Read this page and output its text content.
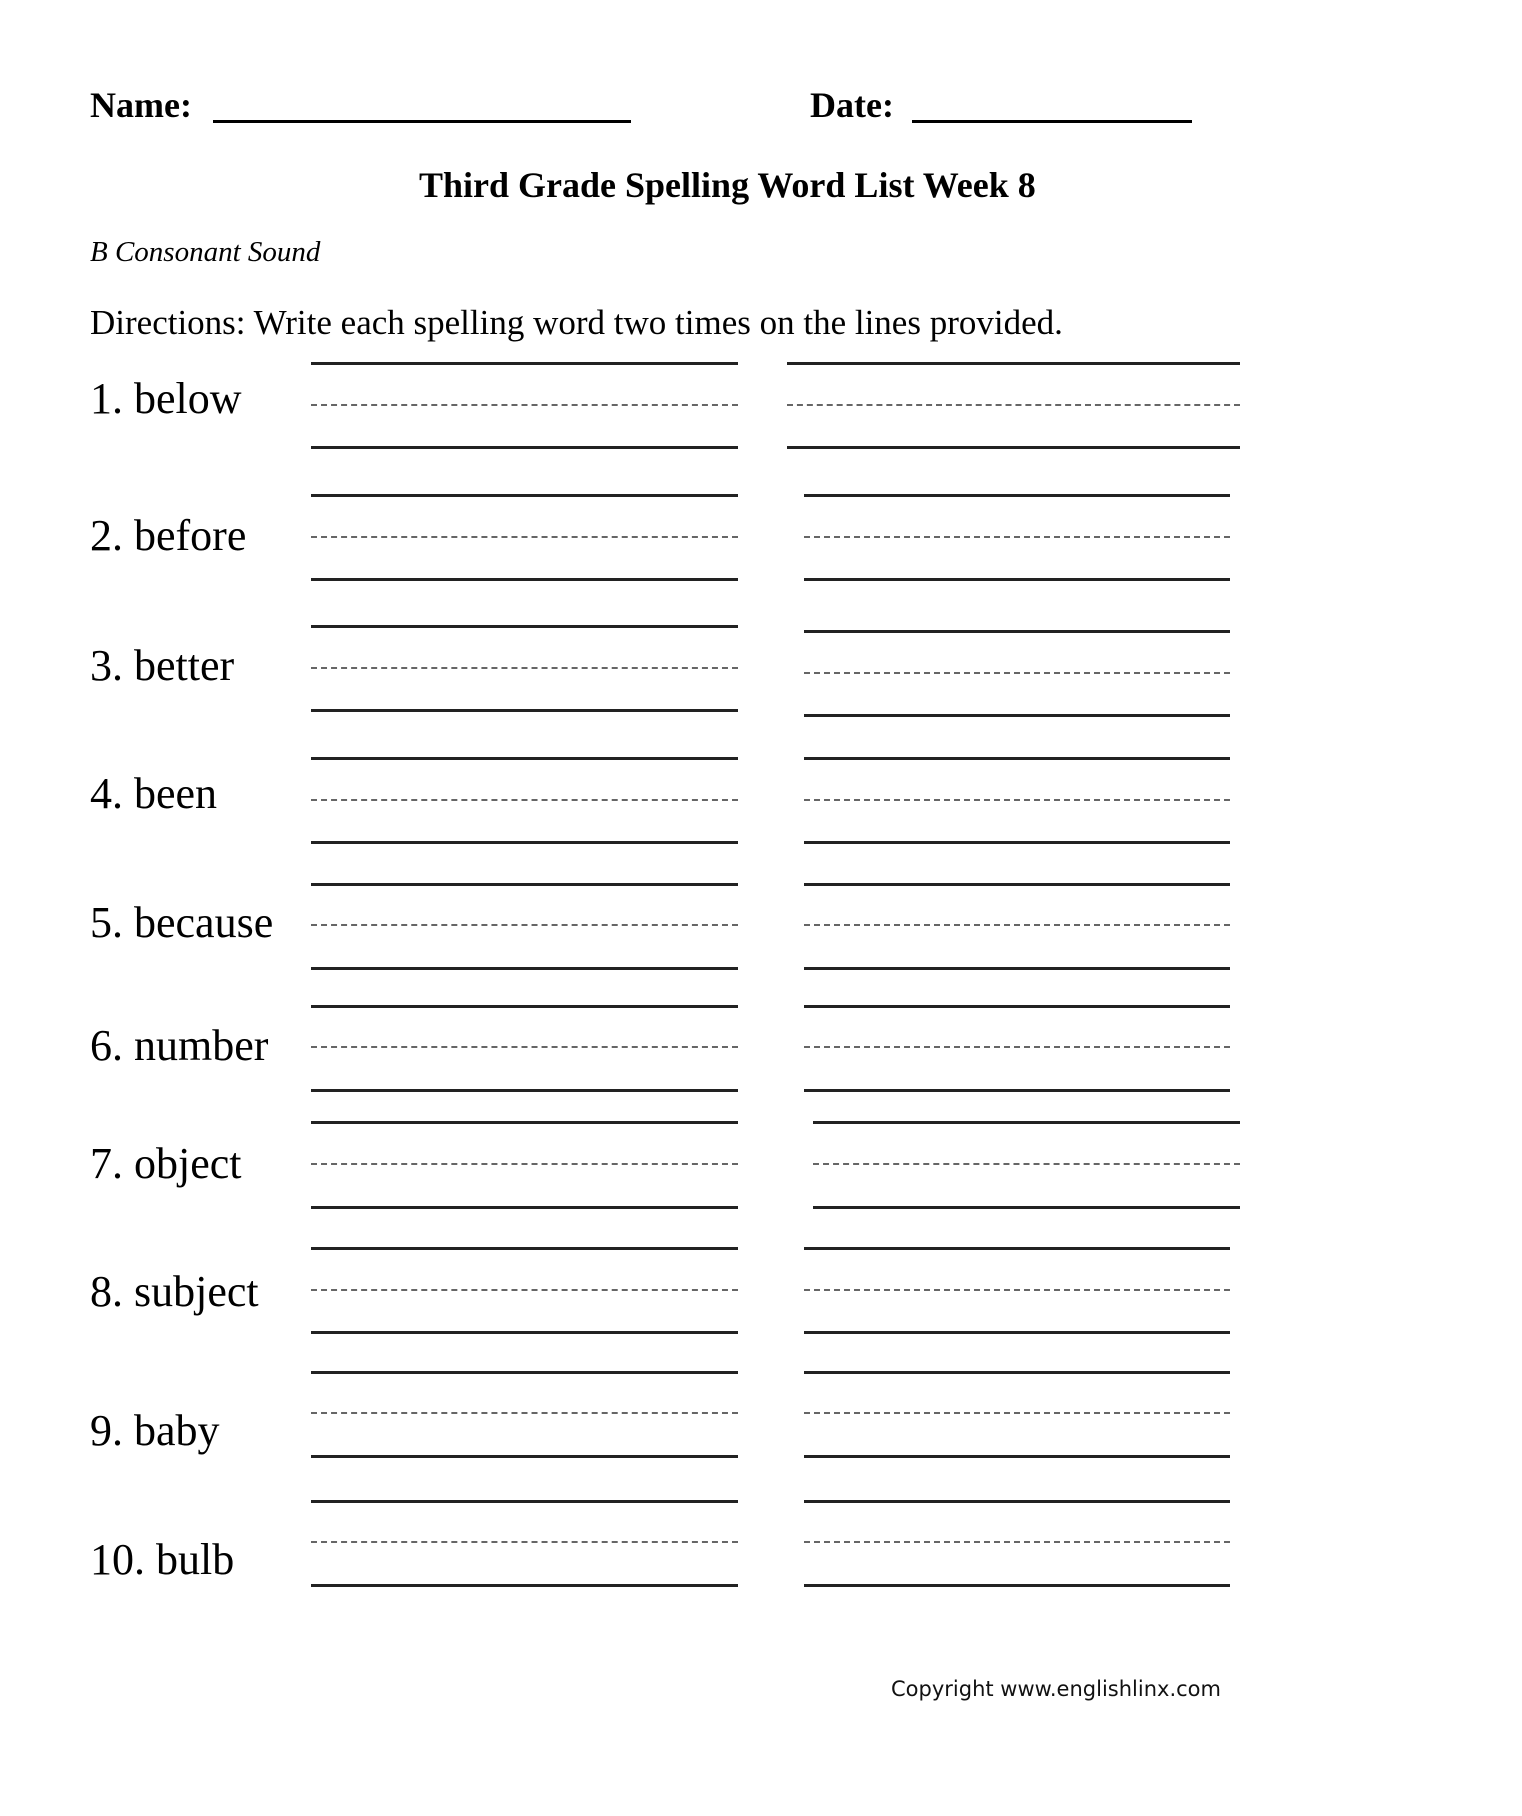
Name:	Date:
Third Grade Spelling Word List Week 8
B Consonant Sound
Directions: Write each spelling word two times on the lines provided.
1. below
2. before
3. better
4. been
5. because
6. number
7. object
8. subject
9. baby
10. bulb
Copyright www.englishlinx.com
